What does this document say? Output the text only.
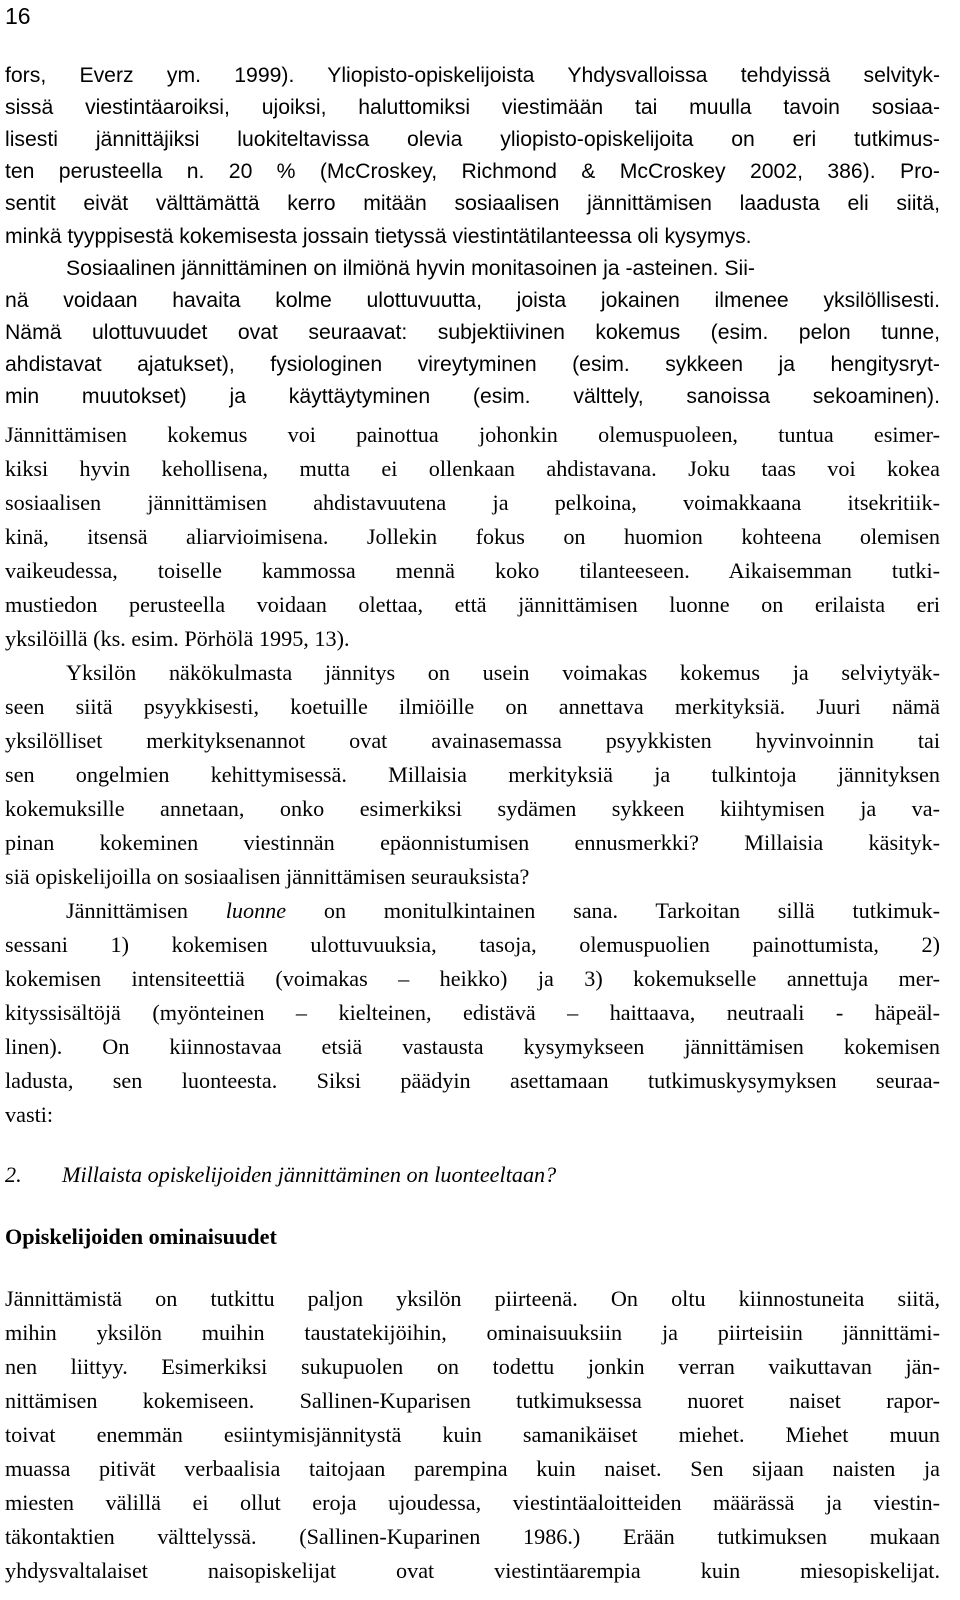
16
fors, Everz ym. 1999). Yliopisto-opiskelijoista Yhdysvalloissa tehdyissä selvityk-
sissä viestintäaroiksi, ujoiksi, haluttomiksi viestimään tai muulla tavoin sosiaa-
lisesti jännittäjiksi luokiteltavissa olevia yliopisto-opiskelijoita on eri tutkimus-
ten perusteella n. 20 % (McCroskey, Richmond & McCroskey 2002, 386). Pro-
sentit eivät välttämättä kerro mitään sosiaalisen jännittämisen laadusta eli siitä,
minkä tyyppisestä kokemisesta jossain tietyssä viestintätilanteessa oli kysymys.
Sosiaalinen jännittäminen on ilmiönä hyvin monitasoinen ja -asteinen. Sii-
nä voidaan havaita kolme ulottuvuutta, joista jokainen ilmenee yksilöllisesti.
Nämä ulottuvuudet ovat seuraavat: subjektiivinen kokemus (esim. pelon tunne,
ahdistavat ajatukset), fysiologinen vireytyminen (esim. sykkeen ja hengitysryt-
min muutokset) ja käyttäytyminen (esim. välttely, sanoissa sekoaminen).
Jännittämisen kokemus voi painottua johonkin olemuspuoleen, tuntua esimer-
kiksi hyvin kehollisena, mutta ei ollenkaan ahdistavana. Joku taas voi kokea
sosiaalisen jännittämisen ahdistavuutena ja pelkoina, voimakkaana itsekritiik-
kinä, itsensä aliarvioimisena. Jollekin fokus on huomion kohteena olemisen
vaikeudessa, toiselle kammossa mennä koko tilanteeseen. Aikaisemman tutki-
mustiedon perusteella voidaan olettaa, että jännittämisen luonne on erilaista eri
yksilöillä (ks. esim. Pörhölä 1995, 13).
Yksilön näkökulmasta jännitys on usein voimakas kokemus ja selviytyäk-
seen siitä psyykkisesti, koetuille ilmiöille on annettava merkityksiä. Juuri nämä
yksilölliset merkityksenannot ovat avainasemassa psyykkisten hyvinvoinnin tai
sen ongelmien kehittymisessä. Millaisia merkityksiä ja tulkintoja jännityksen
kokemuksille annetaan, onko esimerkiksi sydämen sykkeen kiihtymisen ja va-
pinan kokeminen viestinnän epäonnistumisen ennusmerkki? Millaisia käsityk-
siä opiskelijoilla on sosiaalisen jännittämisen seurauksista?
Jännittämisen luonne on monitulkintainen sana. Tarkoitan sillä tutkimuk-
sessani 1) kokemisen ulottuvuuksia, tasoja, olemuspuolien painottumista, 2)
kokemisen intensiteettiä (voimakas – heikko) ja 3) kokemukselle annettuja mer-
kityssisältöjä (myönteinen – kielteinen, edistävä – haittaava, neutraali - häpeäl-
linen). On kiinnostavaa etsiä vastausta kysymykseen jännittämisen kokemisen
ladusta, sen luonteesta. Siksi päädyin asettamaan tutkimuskysymyksen seuraa-
vasti:
2. Millaista opiskelijoiden jännittäminen on luonteeltaan?
Opiskelijoiden ominaisuudet
Jännittämistä on tutkittu paljon yksilön piirteenä. On oltu kiinnostuneita siitä,
mihin yksilön muihin taustatekijöihin, ominaisuuksiin ja piirteisiin jännittämi-
nen liittyy. Esimerkiksi sukupuolen on todettu jonkin verran vaikuttavan jän-
nittämisen kokemiseen. Sallinen-Kuparisen tutkimuksessa nuoret naiset rapor-
toivat enemmän esiintymisjännitystä kuin samanikäiset miehet. Miehet muun
muassa pitivät verbaalisia taitojaan parempina kuin naiset. Sen sijaan naisten ja
miesten välillä ei ollut eroja ujoudessa, viestintäaloitteiden määrässä ja viestin-
täkontaktien välttelyssä. (Sallinen-Kuparinen 1986.) Erään tutkimuksen mukaan
yhdysvaltalaiset naisopiskelijat ovat viestintäarempia kuin miesopiskelijat.
